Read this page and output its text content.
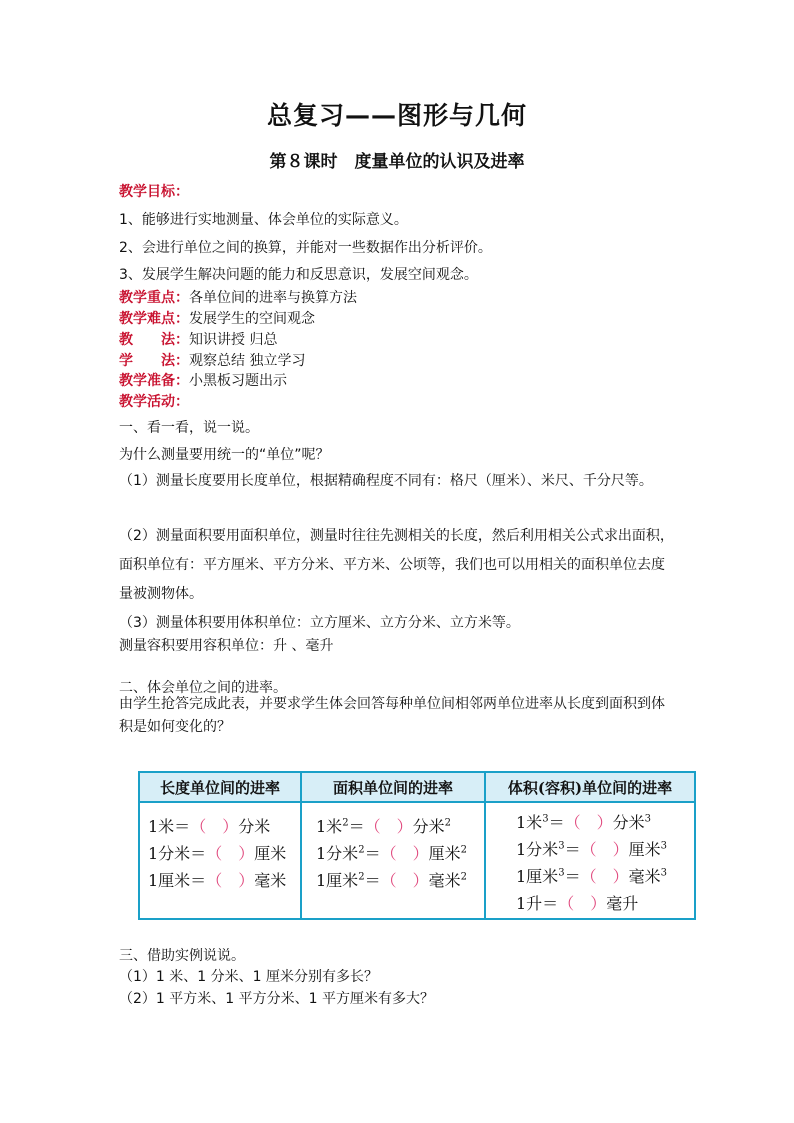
总复习——图形与几何
第８课时　度量单位的认识及进率
教学目标：
1、能够进行实地测量、体会单位的实际意义。
2、会进行单位之间的换算，并能对一些数据作出分析评价。
3、发展学生解决问题的能力和反思意识，发展空间观念。
教学重点：各单位间的进率与换算方法
教学难点：发展学生的空间观念
教　　法：知识讲授 归总
学　　法：观察总结 独立学习
教学准备：小黑板习题出示
教学活动：
一、看一看，说一说。
为什么测量要用统一的“单位”呢？
（1）测量长度要用长度单位，根据精确程度不同有：格尺（厘米）、米尺、千分尺等。
（2）测量面积要用面积单位，测量时往往先测相关的长度，然后利用相关公式求出面积，面积单位有：平方厘米、平方分米、平方米、公顷等，我们也可以用相关的面积单位去度量被测物体。
（3）测量体积要用体积单位：立方厘米、立方分米、立方米等。
测量容积要用容积单位：升 、毫升
二、体会单位之间的进率。
由学生抢答完成此表，并要求学生体会回答每种单位间相邻两单位进率从长度到面积到体积是如何变化的？
长度单位间的进率	面积单位间的进率	体积(容积)单位间的进率
1米＝（　 ）分米
1分米＝（　 ）厘米
1厘米＝（　 ）毫米
1米$^2$＝（　 ）分米$^2$
1分米$^2$＝（　 ）厘米$^2$
1厘米$^2$＝（　 ）毫米$^2$
1米$^3$＝（　 ）分米$^3$
1分米$^3$＝（　 ）厘米$^3$
1厘米$^3$＝（　 ）毫米$^3$
1升＝（　 ）毫升
三、借助实例说说。
（1）1 米、1 分米、1 厘米分别有多长？
（2）1 平方米、1 平方分米、1 平方厘米有多大？
